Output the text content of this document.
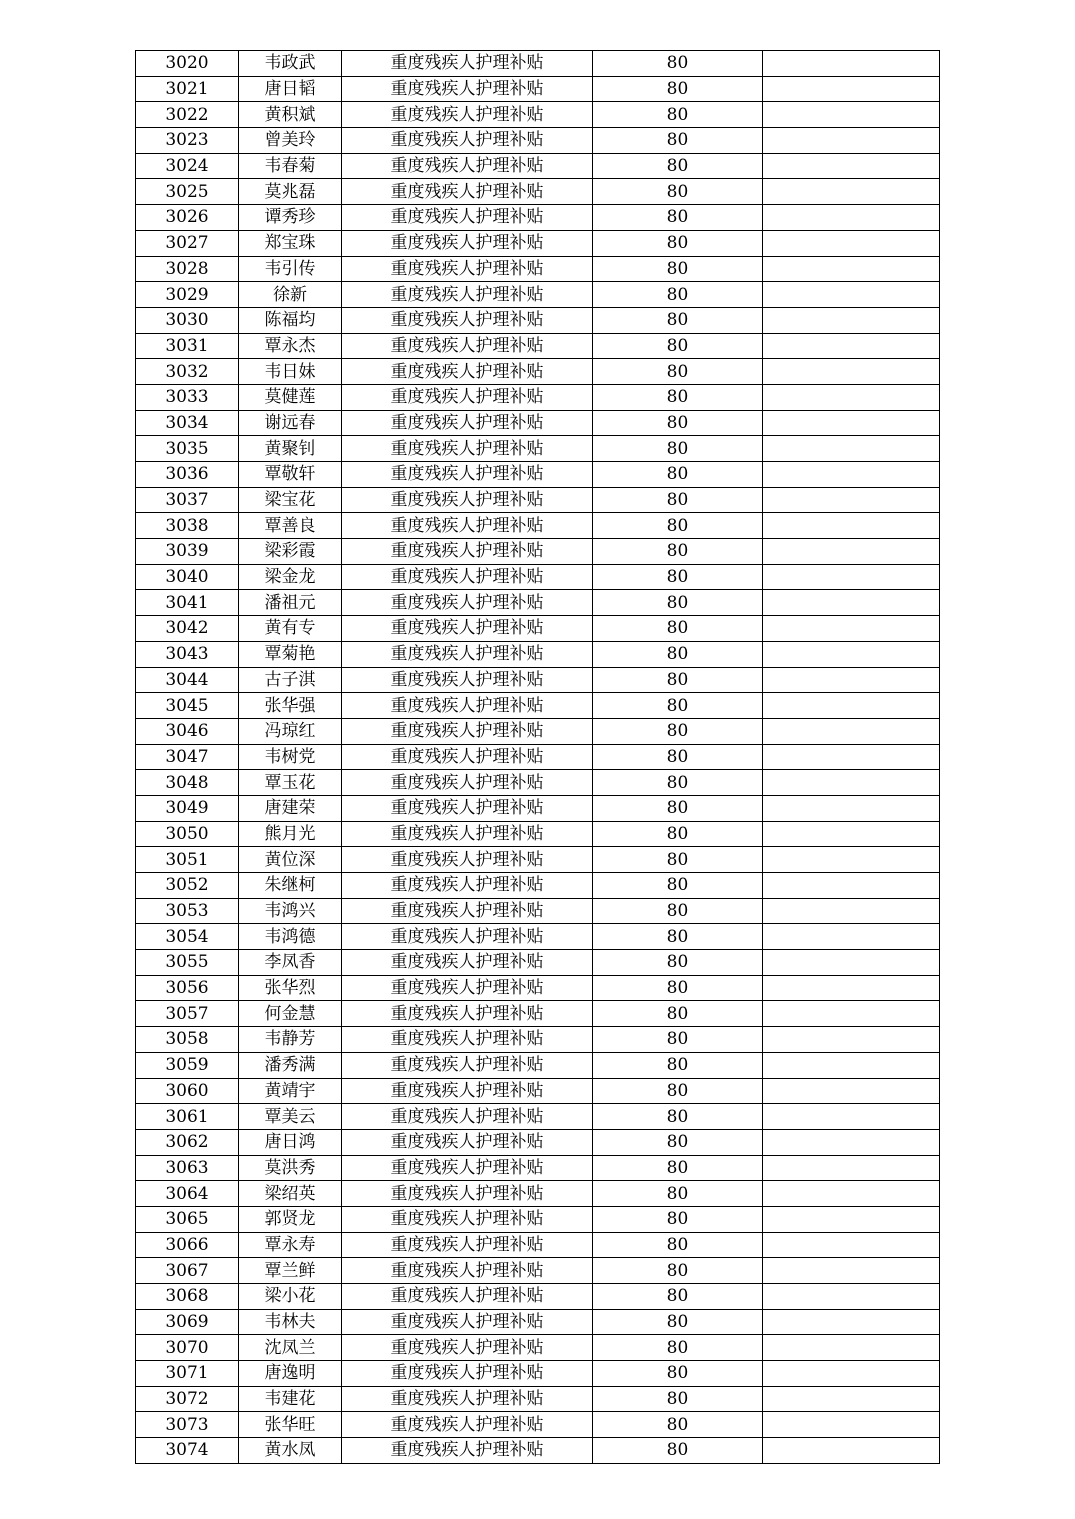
3020	韦政武	重度残疾人护理补贴	80	
3021	唐日韬	重度残疾人护理补贴	80	
3022	黄积斌	重度残疾人护理补贴	80	
3023	曾美玲	重度残疾人护理补贴	80	
3024	韦春菊	重度残疾人护理补贴	80	
3025	莫兆磊	重度残疾人护理补贴	80	
3026	谭秀珍	重度残疾人护理补贴	80	
3027	郑宝珠	重度残疾人护理补贴	80	
3028	韦引传	重度残疾人护理补贴	80	
3029	徐新	重度残疾人护理补贴	80	
3030	陈福均	重度残疾人护理补贴	80	
3031	覃永杰	重度残疾人护理补贴	80	
3032	韦日妹	重度残疾人护理补贴	80	
3033	莫健莲	重度残疾人护理补贴	80	
3034	谢远春	重度残疾人护理补贴	80	
3035	黄聚钊	重度残疾人护理补贴	80	
3036	覃敬轩	重度残疾人护理补贴	80	
3037	梁宝花	重度残疾人护理补贴	80	
3038	覃善良	重度残疾人护理补贴	80	
3039	梁彩霞	重度残疾人护理补贴	80	
3040	梁金龙	重度残疾人护理补贴	80	
3041	潘祖元	重度残疾人护理补贴	80	
3042	黄有专	重度残疾人护理补贴	80	
3043	覃菊艳	重度残疾人护理补贴	80	
3044	古子淇	重度残疾人护理补贴	80	
3045	张华强	重度残疾人护理补贴	80	
3046	冯琼红	重度残疾人护理补贴	80	
3047	韦树党	重度残疾人护理补贴	80	
3048	覃玉花	重度残疾人护理补贴	80	
3049	唐建荣	重度残疾人护理补贴	80	
3050	熊月光	重度残疾人护理补贴	80	
3051	黄位深	重度残疾人护理补贴	80	
3052	朱继柯	重度残疾人护理补贴	80	
3053	韦鸿兴	重度残疾人护理补贴	80	
3054	韦鸿德	重度残疾人护理补贴	80	
3055	李凤香	重度残疾人护理补贴	80	
3056	张华烈	重度残疾人护理补贴	80	
3057	何金慧	重度残疾人护理补贴	80	
3058	韦静芳	重度残疾人护理补贴	80	
3059	潘秀满	重度残疾人护理补贴	80	
3060	黄靖宇	重度残疾人护理补贴	80	
3061	覃美云	重度残疾人护理补贴	80	
3062	唐日鸿	重度残疾人护理补贴	80	
3063	莫洪秀	重度残疾人护理补贴	80	
3064	梁绍英	重度残疾人护理补贴	80	
3065	郭贤龙	重度残疾人护理补贴	80	
3066	覃永寿	重度残疾人护理补贴	80	
3067	覃兰鲜	重度残疾人护理补贴	80	
3068	梁小花	重度残疾人护理补贴	80	
3069	韦林夫	重度残疾人护理补贴	80	
3070	沈凤兰	重度残疾人护理补贴	80	
3071	唐逸明	重度残疾人护理补贴	80	
3072	韦建花	重度残疾人护理补贴	80	
3073	张华旺	重度残疾人护理补贴	80	
3074	黄水凤	重度残疾人护理补贴	80	
